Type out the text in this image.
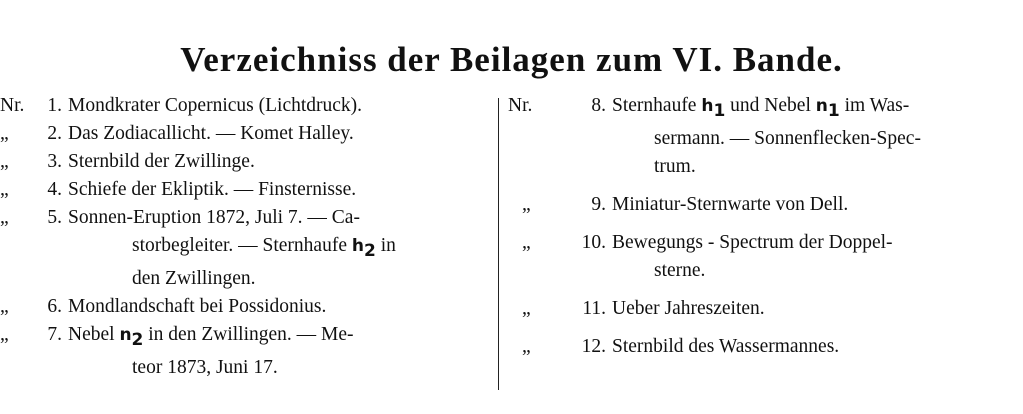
Verzeichniss der Beilagen zum VI. Bande.
Nr.	1. Mondkrater Copernicus (Lichtdruck).
„	2. Das Zodiacallicht. — Komet Halley.
„	3. Sternbild der Zwillinge.
„	4. Schiefe der Ekliptik. — Finsternisse.
„	5. Sonnen-Eruption 1872, Juli 7. — Ca-
storbegleiter. — Sternhaufe $h_2$ in
den Zwillingen.
„	6. Mondlandschaft bei Possidonius.
„	7. Nebel $n_2$ in den Zwillingen. — Me-
teor 1873, Juni 17.
Nr.	8. Sternhaufe $h_1$ und Nebel $n_1$ im Was-
sermann. — Sonnenflecken-Spec-
trum.
„	9. Miniatur-Sternwarte von Dell.
„	10. Bewegungs - Spectrum der Doppel-
sterne.
„	11. Ueber Jahreszeiten.
„	12. Sternbild des Wassermannes.
